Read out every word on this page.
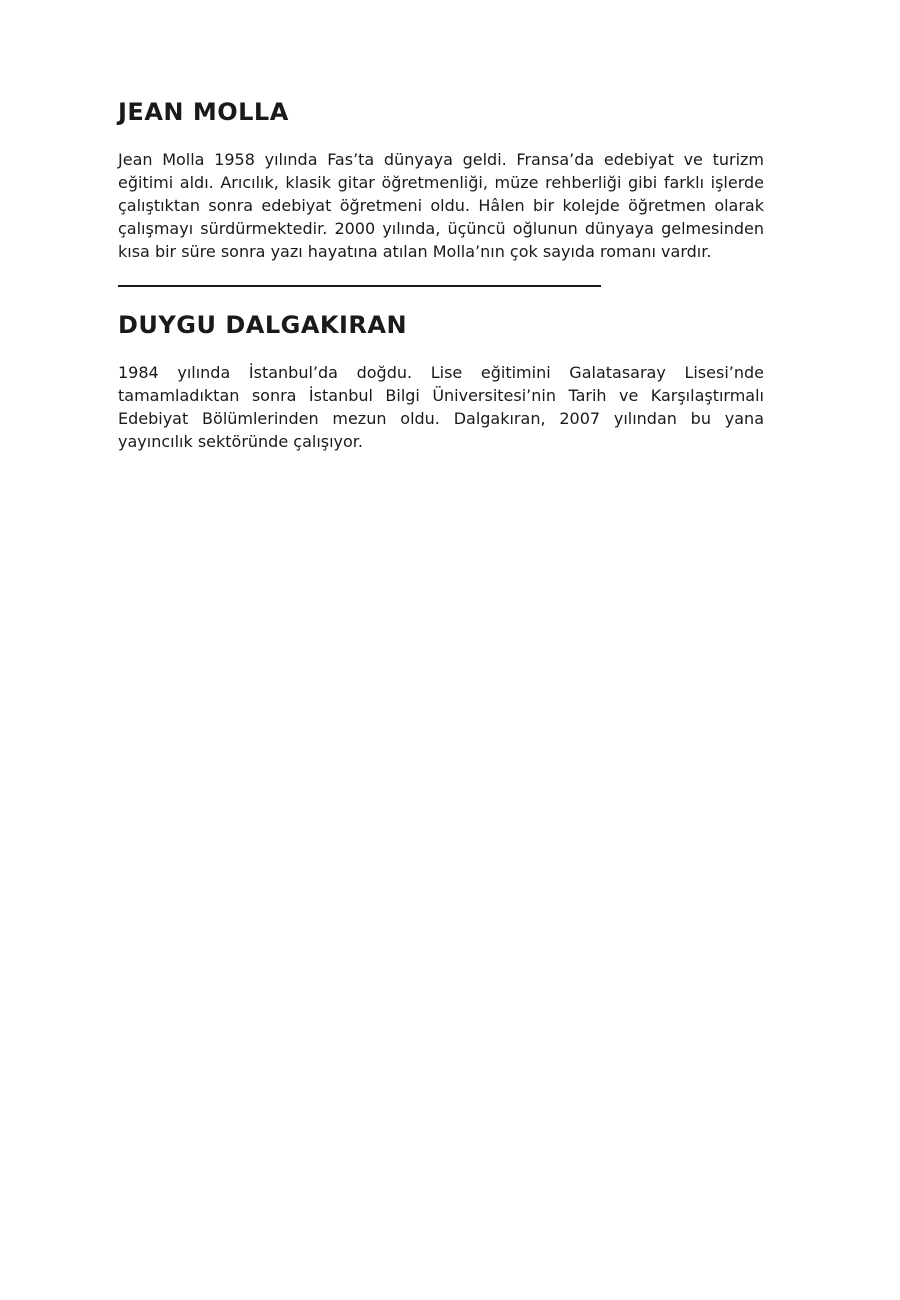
JEAN MOLLA

Jean Molla 1958 yılında Fas’ta dünyaya geldi. Fransa’da edebiyat ve turizm eğitimi aldı. Arıcılık, klasik gitar öğretmenliği, müze rehberliği gibi farklı işlerde çalıştıktan sonra edebiyat öğretmeni oldu. Hâlen bir kolejde öğretmen olarak çalışmayı sürdürmektedir. 2000 yılında, üçüncü oğlunun dünyaya gelmesinden kısa bir süre sonra yazı hayatına atılan Molla’nın çok sayıda romanı vardır.

DUYGU DALGAKIRAN

1984 yılında İstanbul’da doğdu. Lise eğitimini Galatasaray Lisesi’nde tamamladıktan sonra İstanbul Bilgi Üniversitesi’nin Tarih ve Karşılaştırmalı Edebiyat Bölümlerinden mezun oldu. Dalgakıran, 2007 yılından bu yana yayıncılık sektöründe çalışıyor.
